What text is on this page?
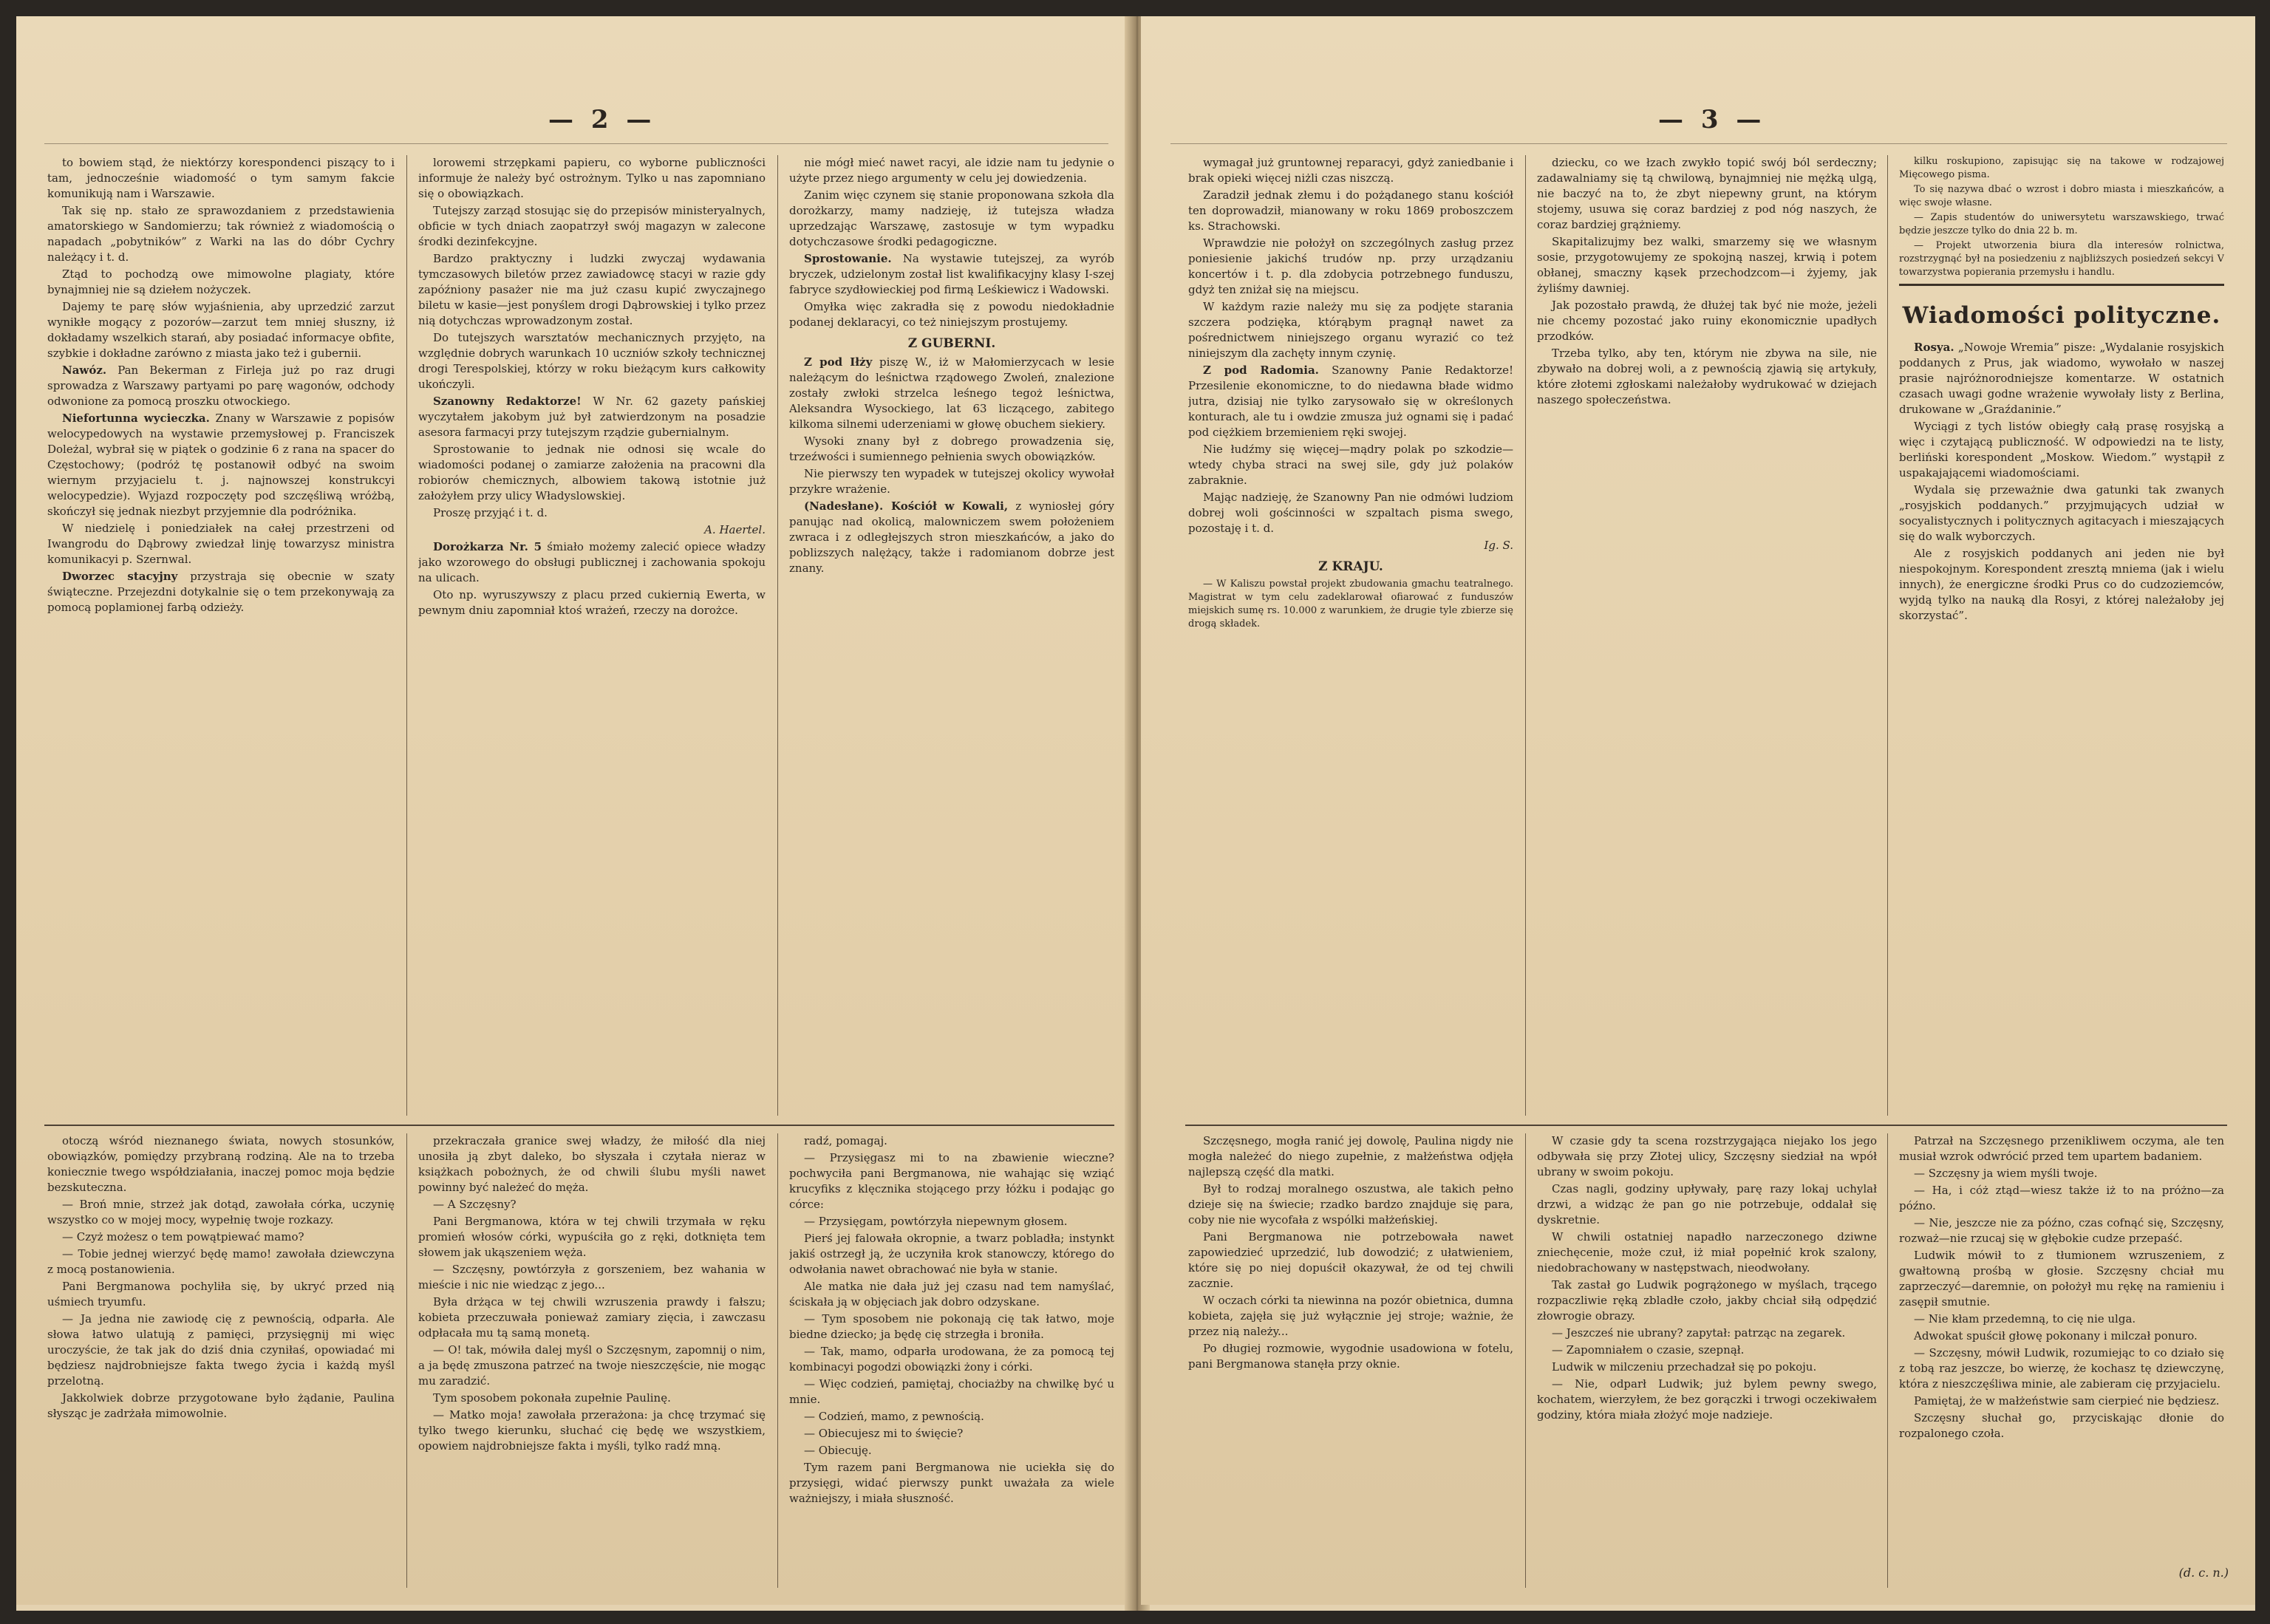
— 2 —

to bowiem stąd, że niektórzy korespondenci piszący to i tam, jednocześnie wiadomość o tym samym fakcie komunikują nam i Warszawie.

Tak się np. stało ze sprawozdaniem z przedstawienia amatorskiego w Sandomierzu; tak również z wiadomością o napadach „pobytników” z Warki na las do dóbr Cychry należący i t. d.

Ztąd to pochodzą owe mimowolne plagiaty, które bynajmniej nie są dziełem nożyczek.

Dajemy te parę słów wyjaśnienia, aby uprzedzić zarzut wynikłe mogący z pozorów—zarzut tem mniej słuszny, iż dokładamy wszelkich starań, aby posiadać informacye obfite, szybkie i dokładne zarówno z miasta jako też i gubernii.

Nawóz. Pan Bekerman z Firleja już po raz drugi sprowadza z Warszawy partyami po parę wagonów, odchody odwonione za pomocą proszku otwockiego.

Niefortunna wycieczka. Znany w Warszawie z popisów welocypedowych na wystawie przemysłowej p. Franciszek Doleżal, wybrał się w piątek o godzinie 6 z rana na spacer do Częstochowy; (podróż tę postanowił odbyć na swoim wiernym przyjacielu t. j. najnowszej konstrukcyi welocypedzie). Wyjazd rozpoczęty pod szczęśliwą wróżbą, skończył się jednak niezbyt przyjemnie dla podróżnika.

W niedzielę i poniedziałek na całej przestrzeni od Iwangrodu do Dąbrowy zwiedzał linję towarzysz ministra komunikacyi p. Szernwal.

Dworzec stacyjny przystraja się obecnie w szaty świąteczne. Przejezdni dotykalnie się o tem przekonywają za pomocą poplamionej farbą odzieży.

lorowemi strzępkami papieru, co wyborne publiczności informuje że należy być ostrożnym. Tylko u nas zapomniano się o obowiązkach.

Tutejszy zarząd stosując się do przepisów ministeryalnych, obficie w tych dniach zaopatrzył swój magazyn w zalecone środki dezinfekcyjne.

Bardzo praktyczny i ludzki zwyczaj wydawania tymczasowych biletów przez zawiadowcę stacyi w razie gdy zapóźniony pasażer nie ma już czasu kupić zwyczajnego biletu w kasie—jest ponyślem drogi Dąbrowskiej i tylko przez nią dotychczas wprowadzonym został.

Do tutejszych warsztatów mechanicznych przyjęto, na względnie dobrych warunkach 10 uczniów szkoły technicznej drogi Terespolskiej, którzy w roku bieżącym kurs całkowity ukończyli.

Szanowny Redaktorze! W Nr. 62 gazety pańskiej wyczytałem jakobym już był zatwierdzonym na posadzie asesora farmacyi przy tutejszym rządzie gubernialnym.

Sprostowanie to jednak nie odnosi się wcale do wiadomości podanej o zamiarze założenia na pracowni dla robiorów chemicznych, albowiem takową istotnie już założyłem przy ulicy Władyslowskiej.

Proszę przyjąć i t. d.

A. Haertel.

Dorożkarza Nr. 5 śmiało możemy zalecić opiece władzy jako wzorowego do obsługi publicznej i zachowania spokoju na ulicach.

Oto np. wyruszywszy z placu przed cukiernią Ewerta, w pewnym dniu zapomniał ktoś wrażeń, rzeczy na dorożce.

nie mógł mieć nawet racyi, ale idzie nam tu jedynie o użyte przez niego argumenty w celu jej dowiedzenia.

Zanim więc czynem się stanie proponowana szkoła dla dorożkarzy, mamy nadzieję, iż tutejsza władza uprzedzając Warszawę, zastosuje w tym wypadku dotychczasowe środki pedagogiczne.

Sprostowanie. Na wystawie tutejszej, za wyrób bryczek, udzielonym został list kwalifikacyjny klasy I-szej fabryce szydłowieckiej pod firmą Leśkiewicz i Wadowski.

Omyłka więc zakradła się z powodu niedokładnie podanej deklaracyi, co też niniejszym prostujemy.

Z GUBERNI.

Z pod Iłży piszę W., iż w Małomierzycach w lesie należącym do leśnictwa rządowego Zwoleń, znalezione zostały zwłoki strzelca leśnego tegoż leśnictwa, Aleksandra Wysockiego, lat 63 liczącego, zabitego kilkoma silnemi uderzeniami w głowę obuchem siekiery.

Wysoki znany był z dobrego prowadzenia się, trzeźwości i sumiennego pełnienia swych obowiązków.

Nie pierwszy ten wypadek w tutejszej okolicy wywołał przykre wrażenie.

(Nadesłane). Kościół w Kowali, z wyniosłej góry panując nad okolicą, malowniczem swem położeniem zwraca i z odległejszych stron mieszkańców, a jako do poblizszych nalężący, także i radomianom dobrze jest znany.

otoczą wśród nieznanego świata, nowych stosunków, obowiązków, pomiędzy przybraną rodziną. Ale na to trzeba koniecznie twego współdziałania, inaczej pomoc moja będzie bezskuteczna.

— Broń mnie, strzeż jak dotąd, zawołała córka, uczynię wszystko co w mojej mocy, wypełnię twoje rozkazy.

— Czyż możesz o tem powątpiewać mamo?

— Tobie jednej wierzyć będę mamo! zawołała dziewczyna z mocą postanowienia.

Pani Bergmanowa pochyliła się, by ukryć przed nią uśmiech tryumfu.

— Ja jedna nie zawiodę cię z pewnością, odparła. Ale słowa łatwo ulatują z pamięci, przysięgnij mi więc uroczyście, że tak jak do dziś dnia czyniłaś, opowiadać mi będziesz najdrobniejsze fakta twego życia i każdą myśl przelotną.

Jakkolwiek dobrze przygotowane było żądanie, Paulina słysząc je zadrżała mimowolnie.

przekraczała granice swej władzy, że miłość dla niej unosiła ją zbyt daleko, bo słyszała i czytała nieraz w książkach pobożnych, że od chwili ślubu myśli nawet powinny być należeć do męża.

— A Szczęsny?

Pani Bergmanowa, która w tej chwili trzymała w ręku promień włosów córki, wypuściła go z ręki, dotknięta tem słowem jak ukąszeniem węża.

— Szczęsny, powtórzyła z gorszeniem, bez wahania w mieście i nic nie wiedząc z jego...

Była drżąca w tej chwili wzruszenia prawdy i fałszu; kobieta przeczuwała ponieważ zamiary zięcia, i zawczasu odpłacała mu tą samą monetą.

— O! tak, mówiła dalej myśl o Szczęsnym, zapomnij o nim, a ja będę zmuszona patrzeć na twoje nieszczęście, nie mogąc mu zaradzić.

Tym sposobem pokonała zupełnie Paulinę.

— Matko moja! zawołała przerażona: ja chcę trzymać się tylko twego kierunku, słuchać cię będę we wszystkiem, opowiem najdrobniejsze fakta i myśli, tylko radź mną.

radź, pomagaj.

— Przysięgasz mi to na zbawienie wieczne? pochwyciła pani Bergmanowa, nie wahając się wziąć krucyfiks z klęcznika stojącego przy łóżku i podając go córce:

— Przysięgam, powtórzyła niepewnym głosem.

Pierś jej falowała okropnie, a twarz pobladła; instynkt jakiś ostrzegł ją, że uczyniła krok stanowczy, którego do odwołania nawet obrachować nie była w stanie.

Ale matka nie dała już jej czasu nad tem namyślać, ściskała ją w objęciach jak dobro odzyskane.

— Tym sposobem nie pokonają cię tak łatwo, moje biedne dziecko; ja będę cię strzegła i broniła.

— Tak, mamo, odparła urodowana, że za pomocą tej kombinacyi pogodzi obowiązki żony i córki.

— Więc codzień, pamiętaj, chociażby na chwilkę być u mnie.

— Codzień, mamo, z pewnością.

— Obiecujesz mi to święcie?

— Obiecuję.

Tym razem pani Bergmanowa nie uciekła się do przysięgi, widać pierwszy punkt uważała za wiele ważniejszy, i miała słuszność.

— 3 —

wymagał już gruntownej reparacyi, gdyż zaniedbanie i brak opieki więcej niżli czas niszczą.

Zaradził jednak złemu i do pożądanego stanu kościół ten doprowadził, mianowany w roku 1869 proboszczem ks. Strachowski.

Wprawdzie nie położył on szczególnych zasług przez poniesienie jakichś trudów np. przy urządzaniu koncertów i t. p. dla zdobycia potrzebnego funduszu, gdyż ten zniżał się na miejscu.

W każdym razie należy mu się za podjęte starania szczera podzięka, którąbym pragnął nawet za pośrednictwem niniejszego organu wyrazić co też niniejszym dla zachęty innym czynię.

Z pod Radomia. Szanowny Panie Redaktorze! Przesilenie ekonomiczne, to do niedawna błade widmo jutra, dzisiaj nie tylko zarysowało się w określonych konturach, ale tu i owdzie zmusza już ognami się i padać pod ciężkiem brzemieniem ręki swojej.

Nie łudźmy się więcej—mądry polak po szkodzie—wtedy chyba straci na swej sile, gdy już polaków zabraknie.

Mając nadzieję, że Szanowny Pan nie odmówi ludziom dobrej woli gościnności w szpaltach pisma swego, pozostaję i t. d.

Ig. S.

Z KRAJU.

— W Kaliszu powstał projekt zbudowania gmachu teatralnego. Magistrat w tym celu zadeklarował ofiarować z funduszów miejskich sumę rs. 10.000 z warunkiem, że drugie tyle zbierze się drogą składek.

dziecku, co we łzach zwykło topić swój ból serdeczny; zadawalniamy się tą chwilową, bynajmniej nie mężką ulgą, nie baczyć na to, że zbyt niepewny grunt, na którym stojemy, usuwa się coraz bardziej z pod nóg naszych, że coraz bardziej grążniemy.

Skapitalizujmy bez walki, smarzemy się we własnym sosie, przygotowujemy ze spokojną naszej, krwią i potem obłanej, smaczny kąsek przechodzcom—i żyjemy, jak żyliśmy dawniej.

Jak pozostało prawdą, że dłużej tak być nie może, jeżeli nie chcemy pozostać jako ruiny ekonomicznie upadłych przodków.

Trzeba tylko, aby ten, którym nie zbywa na sile, nie zbywało na dobrej woli, a z pewnością zjawią się artykuły, które złotemi zgłoskami należałoby wydrukować w dziejach naszego społeczeństwa.

kilku roskupiono, zapisując się na takowe w rodzajowej Mięcowego pisma.

To się nazywa dbać o wzrost i dobro miasta i mieszkańców, a więc swoje własne.

— Zapis studentów do uniwersytetu warszawskiego, trwać będzie jeszcze tylko do dnia 22 b. m.

— Projekt utworzenia biura dla interesów rolnictwa, rozstrzygnąć był na posiedzeniu z najbliższych posiedzeń sekcyi V towarzystwa popierania przemysłu i handlu.

Wiadomości polityczne.

Rosya. „Nowoje Wremia” pisze: „Wydalanie rosyjskich poddanych z Prus, jak wiadomo, wywołało w naszej prasie najróżnorodniejsze komentarze. W ostatnich czasach uwagi godne wrażenie wywołały listy z Berlina, drukowane w „Graźdaninie.”

Wyciągi z tych listów obiegły całą prasę rosyjską a więc i czytającą publiczność. W odpowiedzi na te listy, berliński korespondent „Moskow. Wiedom.” wystąpił z uspakajającemi wiadomościami.

Wydala się przeważnie dwa gatunki tak zwanych „rosyjskich poddanych.” przyjmujących udział w socyalistycznych i politycznych agitacyach i mieszających się do walk wyborczych.

Ale z rosyjskich poddanych ani jeden nie był niespokojnym. Korespondent zresztą mniema (jak i wielu innych), że energiczne środki Prus co do cudzoziemców, wyjdą tylko na nauką dla Rosyi, z której należałoby jej skorzystać”.

Szczęsnego, mogła ranić jej dowolę, Paulina nigdy nie mogła należeć do niego zupełnie, z małżeństwa odjęła najlepszą część dla matki.

Był to rodzaj moralnego oszustwa, ale takich pełno dzieje się na świecie; rzadko bardzo znajduje się para, coby nie nie wycofała z wspólki małżeńskiej.

Pani Bergmanowa nie potrzebowała nawet zapowiedzieć uprzedzić, lub dowodzić; z ułatwieniem, które się po niej dopuścił okazywał, że od tej chwili zacznie.

W oczach córki ta niewinna na pozór obietnica, dumna kobieta, zajęła się już wyłącznie jej stroje; ważnie, że przez nią należy...

Po długiej rozmowie, wygodnie usadowiona w fotelu, pani Bergmanowa stanęła przy oknie.

W czasie gdy ta scena rozstrzygająca niejako los jego odbywała się przy Złotej ulicy, Szczęsny siedział na wpół ubrany w swoim pokoju.

Czas nagli, godziny upływały, parę razy lokaj uchylał drzwi, a widząc że pan go nie potrzebuje, oddalał się dyskretnie.

W chwili ostatniej napadło narzeczonego dziwne zniechęcenie, może czuł, iż miał popełnić krok szalony, niedobrachowany w następstwach, nieodwołany.

Tak zastał go Ludwik pogrążonego w myślach, trącego rozpaczliwie ręką zbladłe czoło, jakby chciał siłą odpędzić złowrogie obrazy.

— Jeszcześ nie ubrany? zapytał: patrząc na zegarek.

— Zapomniałem o czasie, szepnął.

Ludwik w milczeniu przechadzał się po pokoju.

— Nie, odparł Ludwik; już bylem pewny swego, kochatem, wierzyłem, że bez gorączki i trwogi oczekiwałem godziny, która miała złożyć moje nadzieje.

Patrzał na Szczęsnego przenikliwem oczyma, ale ten musiał wzrok odwrócić przed tem upartem badaniem.

— Szczęsny ja wiem myśli twoje.

— Ha, i cóż ztąd—wiesz także iż to na próżno—za późno.

— Nie, jeszcze nie za późno, czas cofnąć się, Szczęsny, rozważ—nie rzucaj się w głębokie cudze przepaść.

Ludwik mówił to z tłumionem wzruszeniem, z gwałtowną prośbą w głosie. Szczęsny chciał mu zaprzeczyć—daremnie, on położył mu rękę na ramieniu i zasępił smutnie.

— Nie kłam przedemną, to cię nie ulga.

Adwokat spuścił głowę pokonany i milczał ponuro.

— Szczęsny, mówił Ludwik, rozumiejąc to co działo się z tobą raz jeszcze, bo wierzę, że kochasz tę dziewczynę, która z nieszczęśliwa minie, ale zabieram cię przyjacielu.

Pamiętaj, że w małżeństwie sam cierpieć nie będziesz.

Szczęsny słuchał go, przyciskając dłonie do rozpalonego czoła.

(d. c. n.)
